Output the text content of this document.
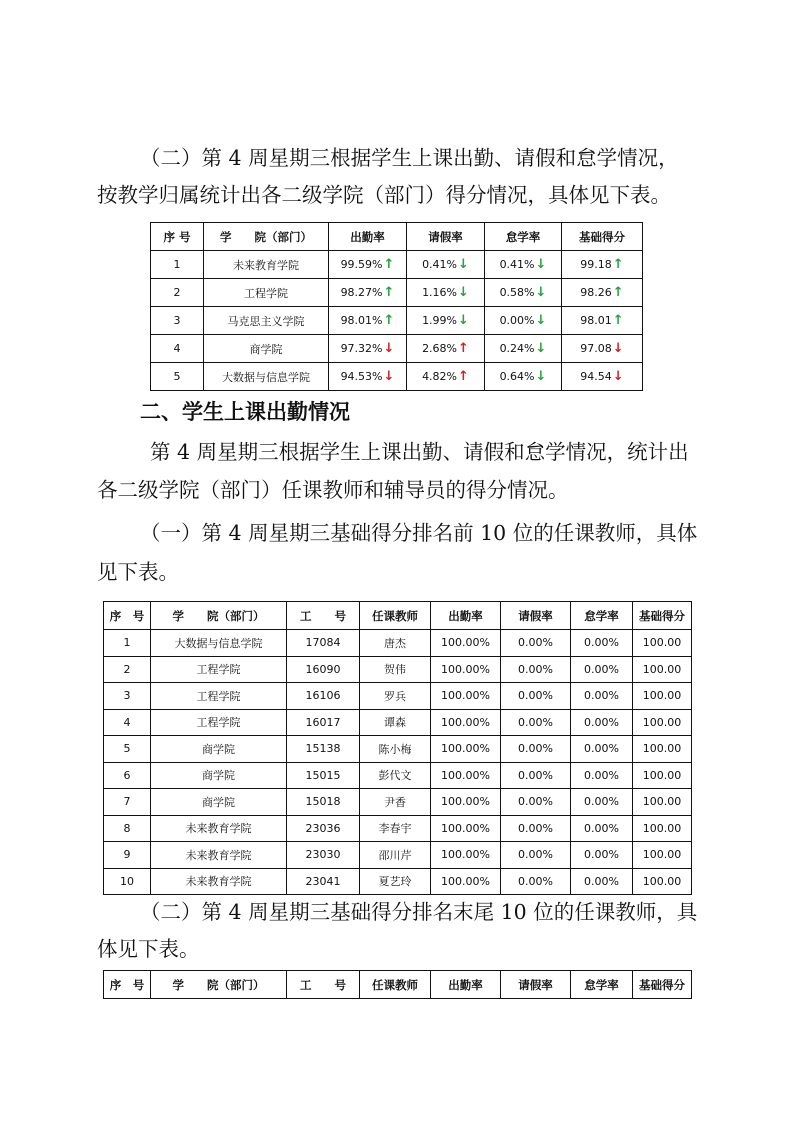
（二）第 4 周星期三根据学生上课出勤、请假和怠学情况，
按教学归属统计出各二级学院（部门）得分情况，具体见下表。
序 号	学　　院（部门）	出勤率	请假率	怠学率	基础得分
1	未来教育学院	99.59%↑	0.41%↓	0.41%↓	99.18↑
2	工程学院	98.27%↑	1.16%↓	0.58%↓	98.26↑
3	马克思主义学院	98.01%↑	1.99%↓	0.00%↓	98.01↑
4	商学院	97.32%↓	2.68%↑	0.24%↓	97.08↓
5	大数据与信息学院	94.53%↓	4.82%↑	0.64%↓	94.54↓
二、学生上课出勤情况
第 4 周星期三根据学生上课出勤、请假和怠学情况，统计出
各二级学院（部门）任课教师和辅导员的得分情况。
（一）第 4 周星期三基础得分排名前 10 位的任课教师，具体
见下表。
序　号	学　　院（部门）	工　　号	任课教师	出勤率	请假率	怠学率	基础得分
1	大数据与信息学院	17084	唐杰	100.00%	0.00%	0.00%	100.00
2	工程学院	16090	贺伟	100.00%	0.00%	0.00%	100.00
3	工程学院	16106	罗兵	100.00%	0.00%	0.00%	100.00
4	工程学院	16017	谭森	100.00%	0.00%	0.00%	100.00
5	商学院	15138	陈小梅	100.00%	0.00%	0.00%	100.00
6	商学院	15015	彭代文	100.00%	0.00%	0.00%	100.00
7	商学院	15018	尹香	100.00%	0.00%	0.00%	100.00
8	未来教育学院	23036	李春宇	100.00%	0.00%	0.00%	100.00
9	未来教育学院	23030	邵川芹	100.00%	0.00%	0.00%	100.00
10	未来教育学院	23041	夏艺玲	100.00%	0.00%	0.00%	100.00
（二）第 4 周星期三基础得分排名末尾 10 位的任课教师，具
体见下表。
序　号	学　　院（部门）	工　　号	任课教师	出勤率	请假率	怠学率	基础得分
